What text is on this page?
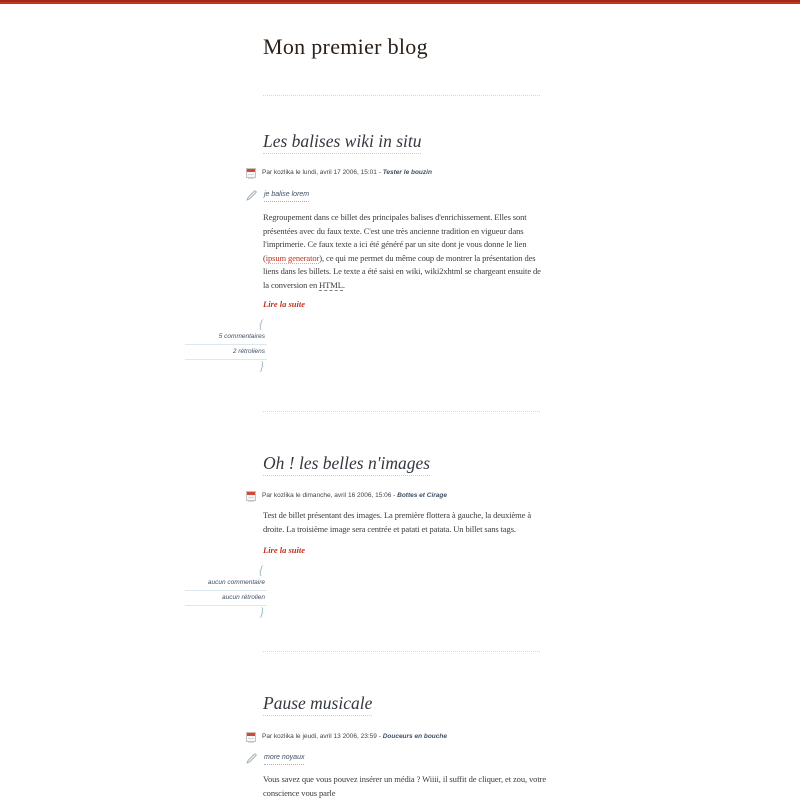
Mon premier blog
Les balises wiki in situ
Par kozlika le lundi, avril 17 2006, 15:01 - Tester le bouzin
je balise lorem

Regroupement dans ce billet des principales balises d'enrichissement. Elles sont présentées avec du faux texte. C'est une très ancienne tradition en vigueur dans l'imprimerie. Ce faux texte a ici été généré par un site dont je vous donne le lien (ipsum generator), ce qui me permet du même coup de montrer la présentation des liens dans les billets. Le texte a été saisi en wiki, wiki2xhtml se chargeant ensuite de la conversion en HTML.

Lire la suite

{
5 commentaires
2 rétroliens
}
Oh ! les belles n'images
Par kozlika le dimanche, avril 16 2006, 15:06 - Bottes et Cirage

Test de billet présentant des images. La première flottera à gauche, la deuxième à droite. La troisième image sera centrée et patati et patata. Un billet sans tags.

Lire la suite

{
aucun commentaire
aucun rétrolien
}
Pause musicale
Par kozlika le jeudi, avril 13 2006, 23:59 - Douceurs en bouche
more noyaux

Vous savez que vous pouvez insérer un média ? Wiiii, il suffit de cliquer, et zou, votre conscience vous parle
